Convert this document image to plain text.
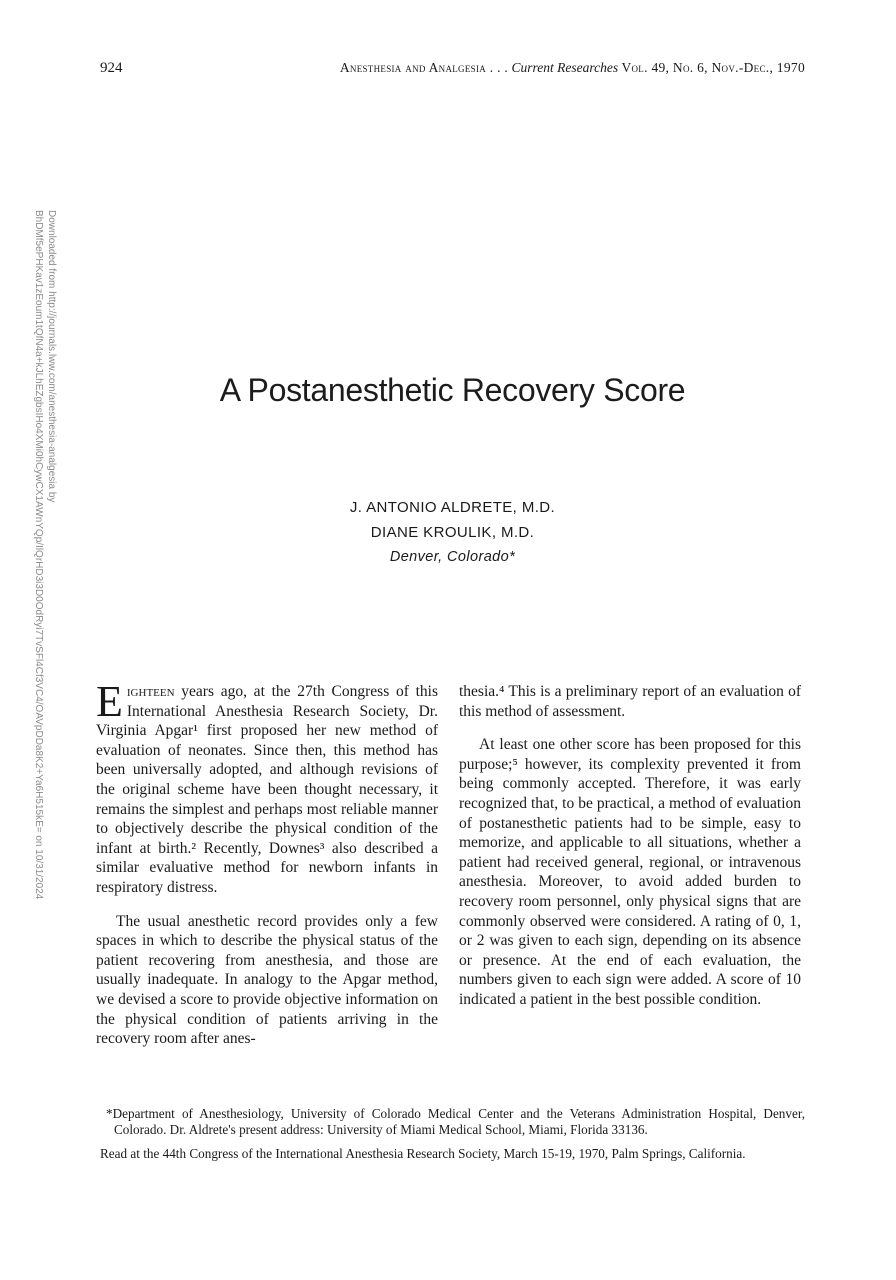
924	Anesthesia and Analgesia . . . Current Researches Vol. 49, No. 6, Nov.-Dec., 1970
Downloaded from http://journals.lww.com/anesthesia-analgesia by BhDMf5ePHKav1zEoum1tQfN4a+kJLhEZgbsIHo4XMi0hCywCX1AWnYQp/IlQrHD3i3D0OdRyi7TvSFl4Cf3VC4/OAVpDDa8K2+Ya6H515kE= on 10/31/2024	A Postanesthetic Recovery Score
J. ANTONIO ALDRETE, M.D.
DIANE KROULIK, M.D.
Denver, Colorado*

Eighteen years ago, at the 27th Congress of this International Anesthesia Research Society, Dr. Virginia Apgar¹ first proposed her new method of evaluation of neonates. Since then, this method has been universally adopted, and although revisions of the original scheme have been thought necessary, it remains the simplest and perhaps most reliable manner to objectively describe the physical condition of the infant at birth.² Recently, Downes³ also described a similar evaluative method for newborn infants in respiratory distress.

The usual anesthetic record provides only a few spaces in which to describe the physical status of the patient recovering from anesthesia, and those are usually inadequate. In analogy to the Apgar method, we devised a score to provide objective information on the physical condition of patients arriving in the recovery room after anes-

thesia.⁴ This is a preliminary report of an evaluation of this method of assessment.

At least one other score has been proposed for this purpose;⁵ however, its complexity prevented it from being commonly accepted. Therefore, it was early recognized that, to be practical, a method of evaluation of postanesthetic patients had to be simple, easy to memorize, and applicable to all situations, whether a patient had received general, regional, or intravenous anesthesia. Moreover, to avoid added burden to recovery room personnel, only physical signs that are commonly observed were considered. A rating of 0, 1, or 2 was given to each sign, depending on its absence or presence. At the end of each evaluation, the numbers given to each sign were added. A score of 10 indicated a patient in the best possible condition.

*Department of Anesthesiology, University of Colorado Medical Center and the Veterans Administration Hospital, Denver, Colorado. Dr. Aldrete's present address: University of Miami Medical School, Miami, Florida 33136.

Read at the 44th Congress of the International Anesthesia Research Society, March 15-19, 1970, Palm Springs, California.
